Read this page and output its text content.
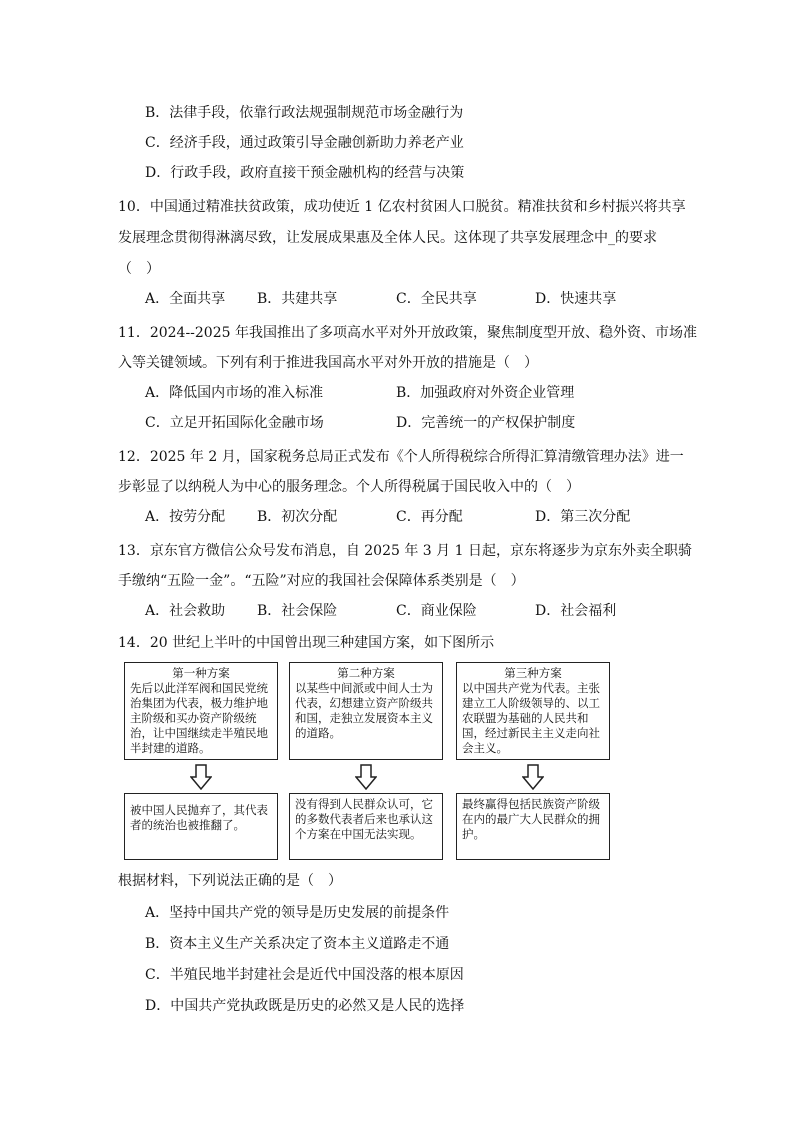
B．法律手段，依靠行政法规强制规范市场金融行为
C．经济手段，通过政策引导金融创新助力养老产业
D．行政手段，政府直接干预金融机构的经营与决策
10．中国通过精准扶贫政策，成功使近 1 亿农村贫困人口脱贫。精准扶贫和乡村振兴将共享
发展理念贯彻得淋漓尽致，让发展成果惠及全体人民。这体现了共享发展理念中_的要求
（　）
A．全面共享 B．共建共享	C．全民共享	D．快速共享
11．2024--2025 年我国推出了多项高水平对外开放政策，聚焦制度型开放、稳外资、市场准
入等关键领域。下列有利于推进我国高水平对外开放的措施是（　）
A．降低国内市场的准入标准	B．加强政府对外资企业管理
C．立足开拓国际化金融市场	D．完善统一的产权保护制度
12．2025 年 2 月，国家税务总局正式发布《个人所得税综合所得汇算清缴管理办法》进一
步彰显了以纳税人为中心的服务理念。个人所得税属于国民收入中的（　）
A．按劳分配 B．初次分配	C．再分配	D．第三次分配
13．京东官方微信公众号发布消息，自 2025 年 3 月 1 日起，京东将逐步为京东外卖全职骑
手缴纳“五险一金”。“五险”对应的我国社会保障体系类别是（　）
A．社会救助 B．社会保险	C．商业保险	D．社会福利
14．20 世纪上半叶的中国曾出现三种建国方案，如下图所示
第一种方案
先后以此洋军阀和国民党统治集团为代表，极力维护地主阶级和买办资产阶级统治，让中国继续走半殖民地半封建的道路。
被中国人民抛弃了，其代表者的统治也被推翻了。
第二种方案
以某些中间派或中间人士为代表，幻想建立资产阶级共和国，走独立发展资本主义的道路。
没有得到人民群众认可，它的多数代表者后来也承认这个方案在中国无法实现。
第三种方案
以中国共产党为代表。主张建立工人阶级领导的、以工农联盟为基础的人民共和国，经过新民主主义走向社会主义。
最终赢得包括民族资产阶级在内的最广大人民群众的拥护。
根据材料，下列说法正确的是（　）
A．坚持中国共产党的领导是历史发展的前提条件
B．资本主义生产关系决定了资本主义道路走不通
C．半殖民地半封建社会是近代中国没落的根本原因
D．中国共产党执政既是历史的必然又是人民的选择
